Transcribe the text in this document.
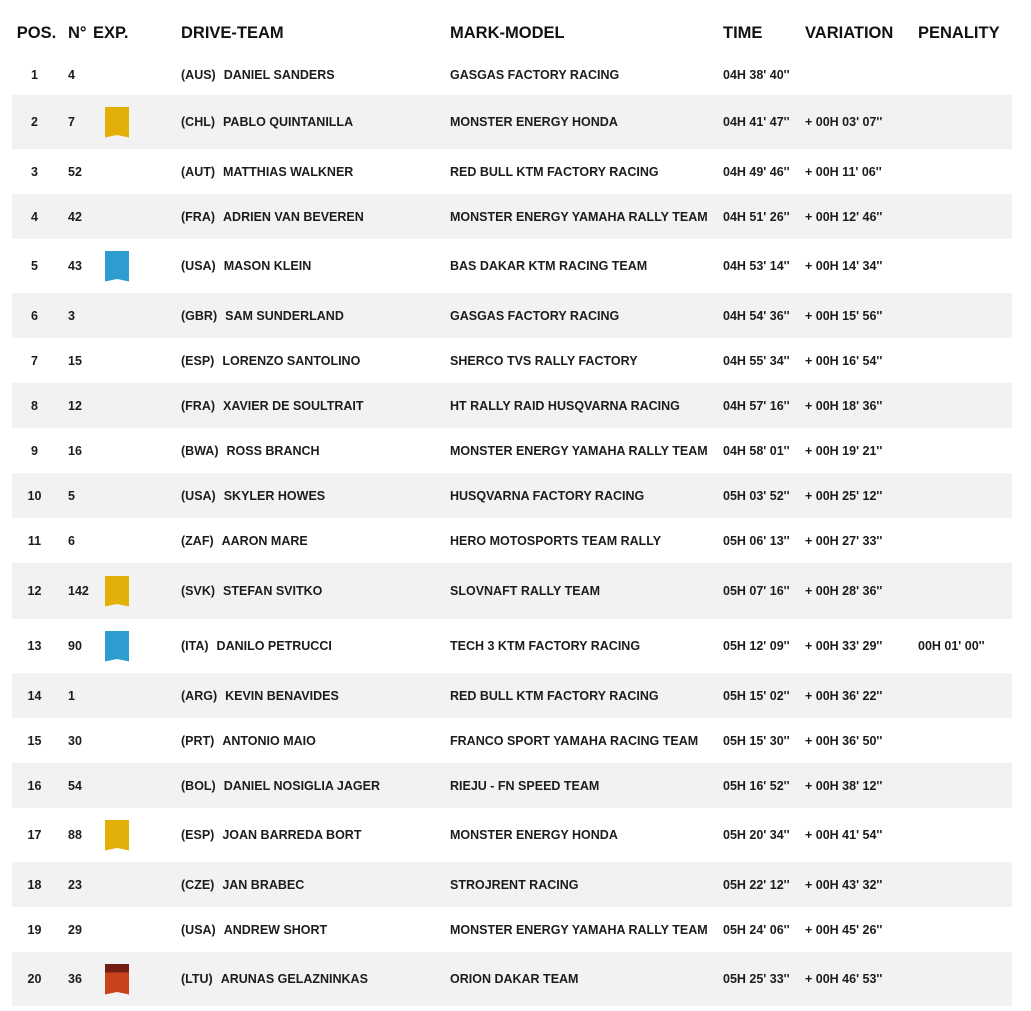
POS.	N°	EXP.	DRIVE-TEAM	MARK-MODEL	TIME	VARIATION	PENALITY
1	4		(AUS) DANIEL SANDERS	GASGAS FACTORY RACING	04H 38' 40''		
2	7		(CHL) PABLO QUINTANILLA	MONSTER ENERGY HONDA	04H 41' 47''	+ 00H 03' 07''	
3	52		(AUT) MATTHIAS WALKNER	RED BULL KTM FACTORY RACING	04H 49' 46''	+ 00H 11' 06''	
4	42		(FRA) ADRIEN VAN BEVEREN	MONSTER ENERGY YAMAHA RALLY TEAM	04H 51' 26''	+ 00H 12' 46''	
5	43		(USA) MASON KLEIN	BAS DAKAR KTM RACING TEAM	04H 53' 14''	+ 00H 14' 34''	
6	3		(GBR) SAM SUNDERLAND	GASGAS FACTORY RACING	04H 54' 36''	+ 00H 15' 56''	
7	15		(ESP) LORENZO SANTOLINO	SHERCO TVS RALLY FACTORY	04H 55' 34''	+ 00H 16' 54''	
8	12		(FRA) XAVIER DE SOULTRAIT	HT RALLY RAID HUSQVARNA RACING	04H 57' 16''	+ 00H 18' 36''	
9	16		(BWA) ROSS BRANCH	MONSTER ENERGY YAMAHA RALLY TEAM	04H 58' 01''	+ 00H 19' 21''	
10	5		(USA) SKYLER HOWES	HUSQVARNA FACTORY RACING	05H 03' 52''	+ 00H 25' 12''	
11	6		(ZAF) AARON MARE	HERO MOTOSPORTS TEAM RALLY	05H 06' 13''	+ 00H 27' 33''	
12	142		(SVK) STEFAN SVITKO	SLOVNAFT RALLY TEAM	05H 07' 16''	+ 00H 28' 36''	
13	90		(ITA) DANILO PETRUCCI	TECH 3 KTM FACTORY RACING	05H 12' 09''	+ 00H 33' 29''	00H 01' 00''
14	1		(ARG) KEVIN BENAVIDES	RED BULL KTM FACTORY RACING	05H 15' 02''	+ 00H 36' 22''	
15	30		(PRT) ANTONIO MAIO	FRANCO SPORT YAMAHA RACING TEAM	05H 15' 30''	+ 00H 36' 50''	
16	54		(BOL) DANIEL NOSIGLIA JAGER	RIEJU - FN SPEED TEAM	05H 16' 52''	+ 00H 38' 12''	
17	88		(ESP) JOAN BARREDA BORT	MONSTER ENERGY HONDA	05H 20' 34''	+ 00H 41' 54''	
18	23		(CZE) JAN BRABEC	STROJRENT RACING	05H 22' 12''	+ 00H 43' 32''	
19	29		(USA) ANDREW SHORT	MONSTER ENERGY YAMAHA RALLY TEAM	05H 24' 06''	+ 00H 45' 26''	
20	36		(LTU) ARUNAS GELAZNINKAS	ORION DAKAR TEAM	05H 25' 33''	+ 00H 46' 53''	
